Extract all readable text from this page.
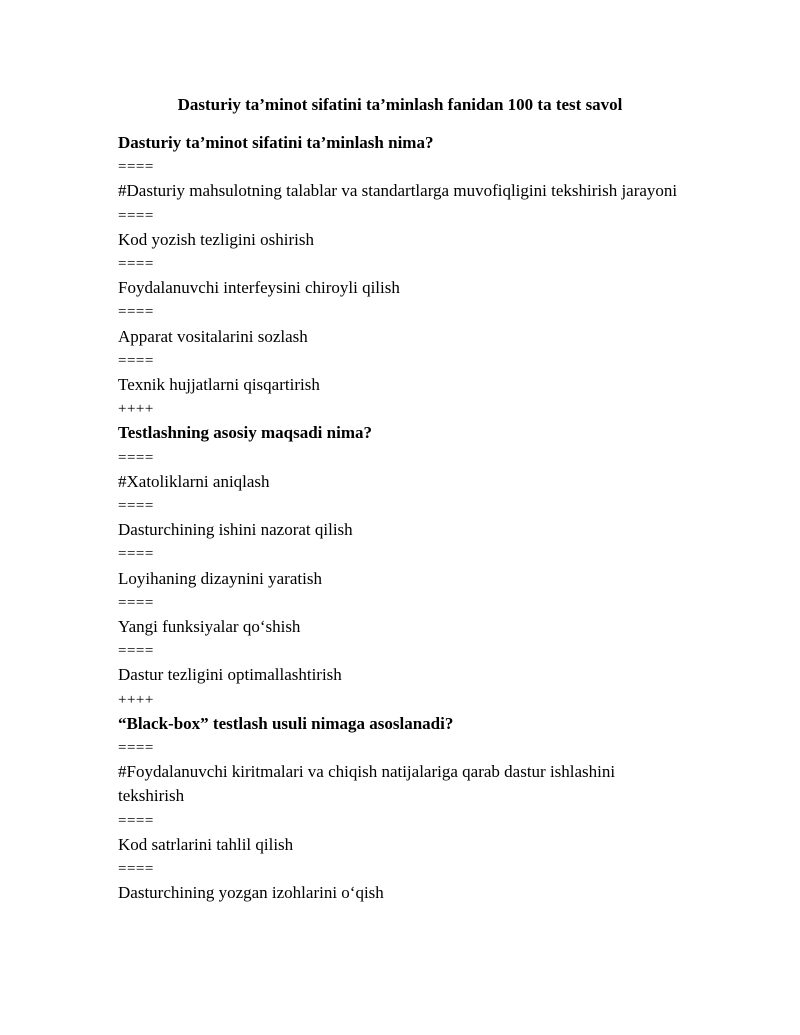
Dasturiy ta’minot sifatini ta’minlash fanidan 100 ta test savol

Dasturiy ta’minot sifatini ta’minlash nima?

====

#Dasturiy mahsulotning talablar va standartlarga muvofiqligini tekshirish jarayoni

====

Kod yozish tezligini oshirish

====

Foydalanuvchi interfeysini chiroyli qilish

====

Apparat vositalarini sozlash

====

Texnik hujjatlarni qisqartirish

++++

Testlashning asosiy maqsadi nima?

====

#Xatoliklarni aniqlash

====

Dasturchining ishini nazorat qilish

====

Loyihaning dizaynini yaratish

====

Yangi funksiyalar qo‘shish

====

Dastur tezligini optimallashtirish

++++

“Black-box” testlash usuli nimaga asoslanadi?

====

#Foydalanuvchi kiritmalari va chiqish natijalariga qarab dastur ishlashini tekshirish

====

Kod satrlarini tahlil qilish

====

Dasturchining yozgan izohlarini o‘qish
